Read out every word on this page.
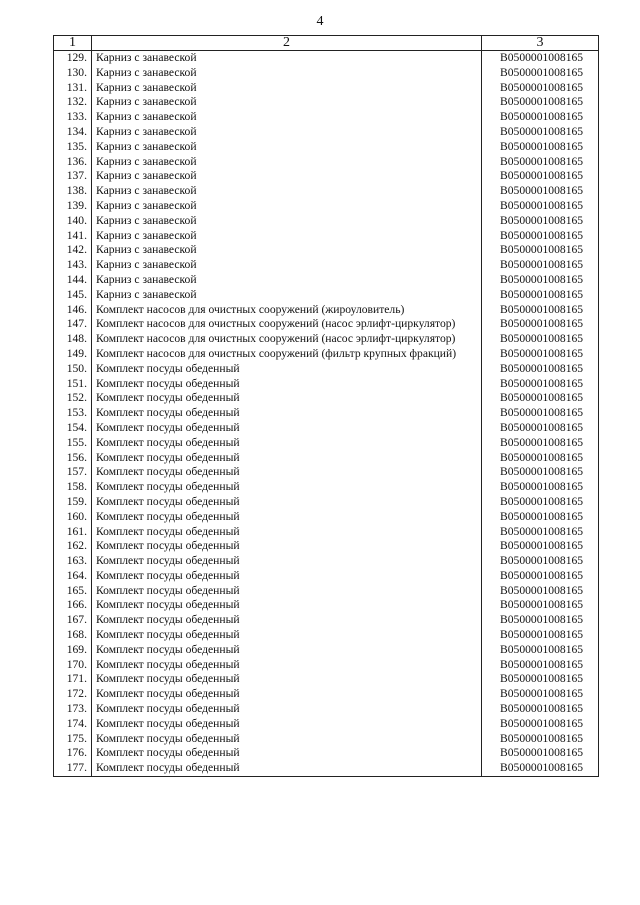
4
1	2	3
129.	Карниз с занавеской	B0500001008165
130.	Карниз с занавеской	B0500001008165
131.	Карниз с занавеской	B0500001008165
132.	Карниз с занавеской	B0500001008165
133.	Карниз с занавеской	B0500001008165
134.	Карниз с занавеской	B0500001008165
135.	Карниз с занавеской	B0500001008165
136.	Карниз с занавеской	B0500001008165
137.	Карниз с занавеской	B0500001008165
138.	Карниз с занавеской	B0500001008165
139.	Карниз с занавеской	B0500001008165
140.	Карниз с занавеской	B0500001008165
141.	Карниз с занавеской	B0500001008165
142.	Карниз с занавеской	B0500001008165
143.	Карниз с занавеской	B0500001008165
144.	Карниз с занавеской	B0500001008165
145.	Карниз с занавеской	B0500001008165
146.	Комплект насосов для очистных сооружений (жироуловитель)	B0500001008165
147.	Комплект насосов для очистных сооружений (насос эрлифт-циркулятор)	B0500001008165
148.	Комплект насосов для очистных сооружений (насос эрлифт-циркулятор)	B0500001008165
149.	Комплект насосов для очистных сооружений (фильтр крупных фракций)	B0500001008165
150.	Комплект посуды обеденный	B0500001008165
151.	Комплект посуды обеденный	B0500001008165
152.	Комплект посуды обеденный	B0500001008165
153.	Комплект посуды обеденный	B0500001008165
154.	Комплект посуды обеденный	B0500001008165
155.	Комплект посуды обеденный	B0500001008165
156.	Комплект посуды обеденный	B0500001008165
157.	Комплект посуды обеденный	B0500001008165
158.	Комплект посуды обеденный	B0500001008165
159.	Комплект посуды обеденный	B0500001008165
160.	Комплект посуды обеденный	B0500001008165
161.	Комплект посуды обеденный	B0500001008165
162.	Комплект посуды обеденный	B0500001008165
163.	Комплект посуды обеденный	B0500001008165
164.	Комплект посуды обеденный	B0500001008165
165.	Комплект посуды обеденный	B0500001008165
166.	Комплект посуды обеденный	B0500001008165
167.	Комплект посуды обеденный	B0500001008165
168.	Комплект посуды обеденный	B0500001008165
169.	Комплект посуды обеденный	B0500001008165
170.	Комплект посуды обеденный	B0500001008165
171.	Комплект посуды обеденный	B0500001008165
172.	Комплект посуды обеденный	B0500001008165
173.	Комплект посуды обеденный	B0500001008165
174.	Комплект посуды обеденный	B0500001008165
175.	Комплект посуды обеденный	B0500001008165
176.	Комплект посуды обеденный	B0500001008165
177.	Комплект посуды обеденный	B0500001008165
